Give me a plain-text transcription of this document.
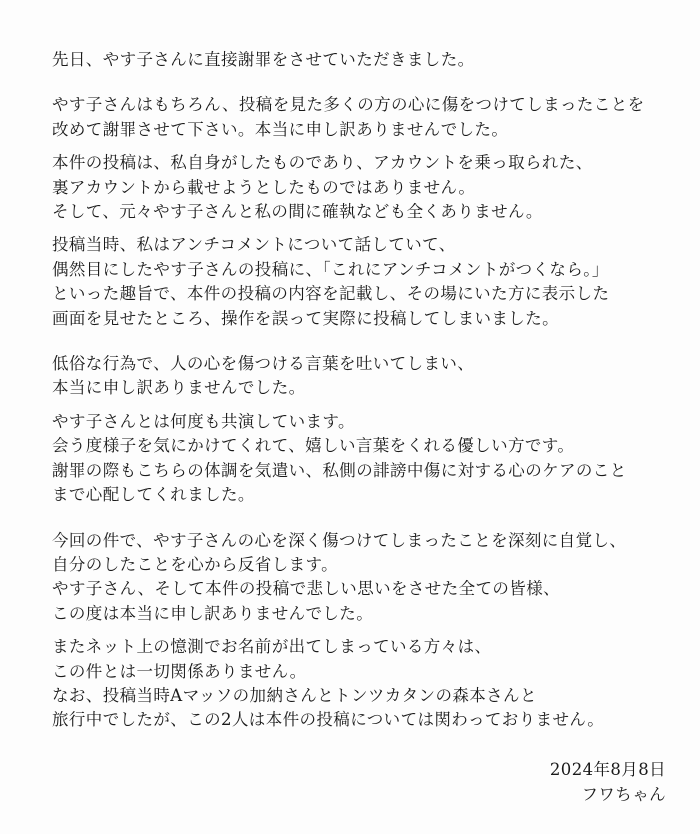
先日、やす子さんに直接謝罪をさせていただきました。

やす子さんはもちろん、投稿を見た多くの方の心に傷をつけてしまったことを
改めて謝罪させて下さい。本当に申し訳ありませんでした。

本件の投稿は、私自身がしたものであり、アカウントを乗っ取られた、
裏アカウントから載せようとしたものではありません。
そして、元々やす子さんと私の間に確執なども全くありません。

投稿当時、私はアンチコメントについて話していて、
偶然目にしたやす子さんの投稿に、「これにアンチコメントがつくなら。」
といった趣旨で、本件の投稿の内容を記載し、その場にいた方に表示した
画面を見せたところ、操作を誤って実際に投稿してしまいました。

低俗な行為で、人の心を傷つける言葉を吐いてしまい、
本当に申し訳ありませんでした。

やす子さんとは何度も共演しています。
会う度様子を気にかけてくれて、嬉しい言葉をくれる優しい方です。
謝罪の際もこちらの体調を気遣い、私側の誹謗中傷に対する心のケアのこと
まで心配してくれました。

今回の件で、やす子さんの心を深く傷つけてしまったことを深刻に自覚し、
自分のしたことを心から反省します。
やす子さん、そして本件の投稿で悲しい思いをさせた全ての皆様、
この度は本当に申し訳ありませんでした。

またネット上の憶測でお名前が出てしまっている方々は、
この件とは一切関係ありません。
なお、投稿当時Aマッソの加納さんとトンツカタンの森本さんと
旅行中でしたが、この2人は本件の投稿については関わっておりません。

2024年8月8日
フワちゃん
